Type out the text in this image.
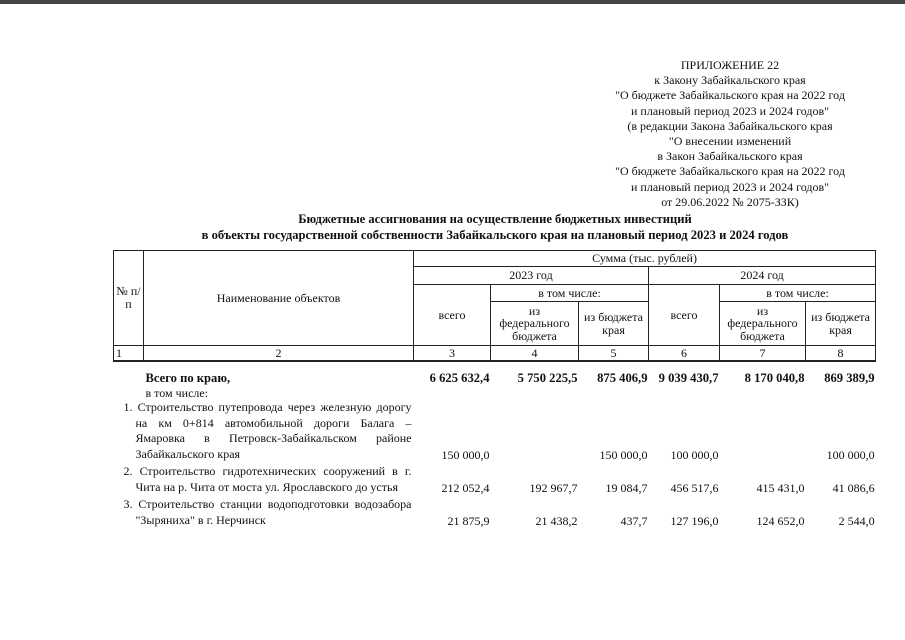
ПРИЛОЖЕНИЕ 22
к Закону Забайкальского края
"О бюджете Забайкальского края на 2022 год
и плановый период 2023 и 2024 годов"
(в редакции Закона Забайкальского края
"О внесении изменений
в Закон Забайкальского края
"О бюджете Забайкальского края на 2022 год
и плановый период 2023 и 2024 годов"
от 29.06.2022 № 2075-ЗЗК)
Бюджетные ассигнования на осуществление бюджетных инвестиций
в объекты государственной собственности Забайкальского края на плановый период 2023 и 2024 годов
№ п/п	Наименование объектов	Сумма (тыс. рублей)					
		2023 год			2024 год		
		всего	в том числе:		всего	в том числе:	
			из федерального бюджета	из бюджета края		из федерального бюджета	из бюджета края
1	2	3	4	5	6	7	8
	Всего по краю,	6 625 632,4	5 750 225,5	875 406,9	9 039 430,7	8 170 040,8	869 389,9
	в том числе:						

1. Строительство путепровода через железную дорогу на км 0+814 автомобильной дороги Балага – Ямаровка в Петровск-Забайкальском районе Забайкальского края		150 000,0		150 000,0	100 000,0		100 000,0

2. Строительство гидротехнических сооружений в г. Чита на р. Чита от моста ул. Ярославского до устья		212 052,4	192 967,7	19 084,7	456 517,6	415 431,0	41 086,6

3. Строительство станции водоподготовки водозабора "Зыряниха" в г. Нерчинск		21 875,9	21 438,2	437,7	127 196,0	124 652,0	2 544,0
